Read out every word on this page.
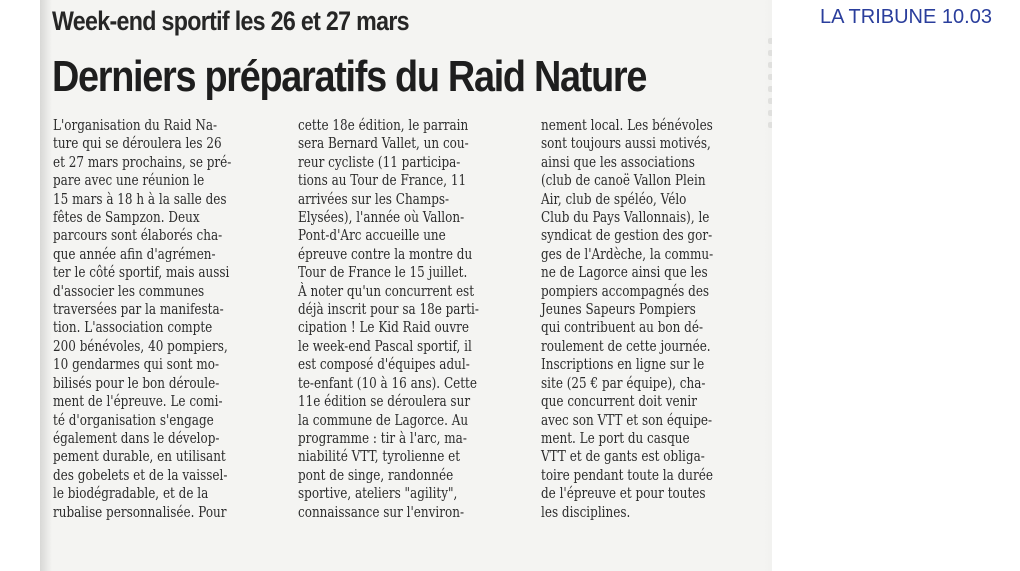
Week-end sportif les 26 et 27 mars
Derniers préparatifs du Raid Nature

LA TRIBUNE 10.03

L'organisation du Raid Na-
ture qui se déroulera les 26
et 27 mars prochains, se pré-
pare avec une réunion le
15 mars à 18 h à la salle des
fêtes de Sampzon. Deux
parcours sont élaborés cha-
que année afin d'agrémen-
ter le côté sportif, mais aussi
d'associer les communes
traversées par la manifesta-
tion. L'association compte
200 bénévoles, 40 pompiers,
10 gendarmes qui sont mo-
bilisés pour le bon déroule-
ment de l'épreuve. Le comi-
té d'organisation s'engage
également dans le dévelop-
pement durable, en utilisant
des gobelets et de la vaissel-
le biodégradable, et de la
rubalise personnalisée. Pour
cette 18e édition, le parrain
sera Bernard Vallet, un cou-
reur cycliste (11 participa-
tions au Tour de France, 11
arrivées sur les Champs-
Elysées), l'année où Vallon-
Pont-d'Arc accueille une
épreuve contre la montre du
Tour de France le 15 juillet.
À noter qu'un concurrent est
déjà inscrit pour sa 18e parti-
cipation ! Le Kid Raid ouvre
le week-end Pascal sportif, il
est composé d'équipes adul-
te-enfant (10 à 16 ans). Cette
11e édition se déroulera sur
la commune de Lagorce. Au
programme : tir à l'arc, ma-
niabilité VTT, tyrolienne et
pont de singe, randonnée
sportive, ateliers "agility",
connaissance sur l'environ-
nement local. Les bénévoles
sont toujours aussi motivés,
ainsi que les associations
(club de canoë Vallon Plein
Air, club de spéléo, Vélo
Club du Pays Vallonnais), le
syndicat de gestion des gor-
ges de l'Ardèche, la commu-
ne de Lagorce ainsi que les
pompiers accompagnés des
Jeunes Sapeurs Pompiers
qui contribuent au bon dé-
roulement de cette journée.
Inscriptions en ligne sur le
site (25 € par équipe), cha-
que concurrent doit venir
avec son VTT et son équipe-
ment. Le port du casque
VTT et de gants est obliga-
toire pendant toute la durée
de l'épreuve et pour toutes
les disciplines.
